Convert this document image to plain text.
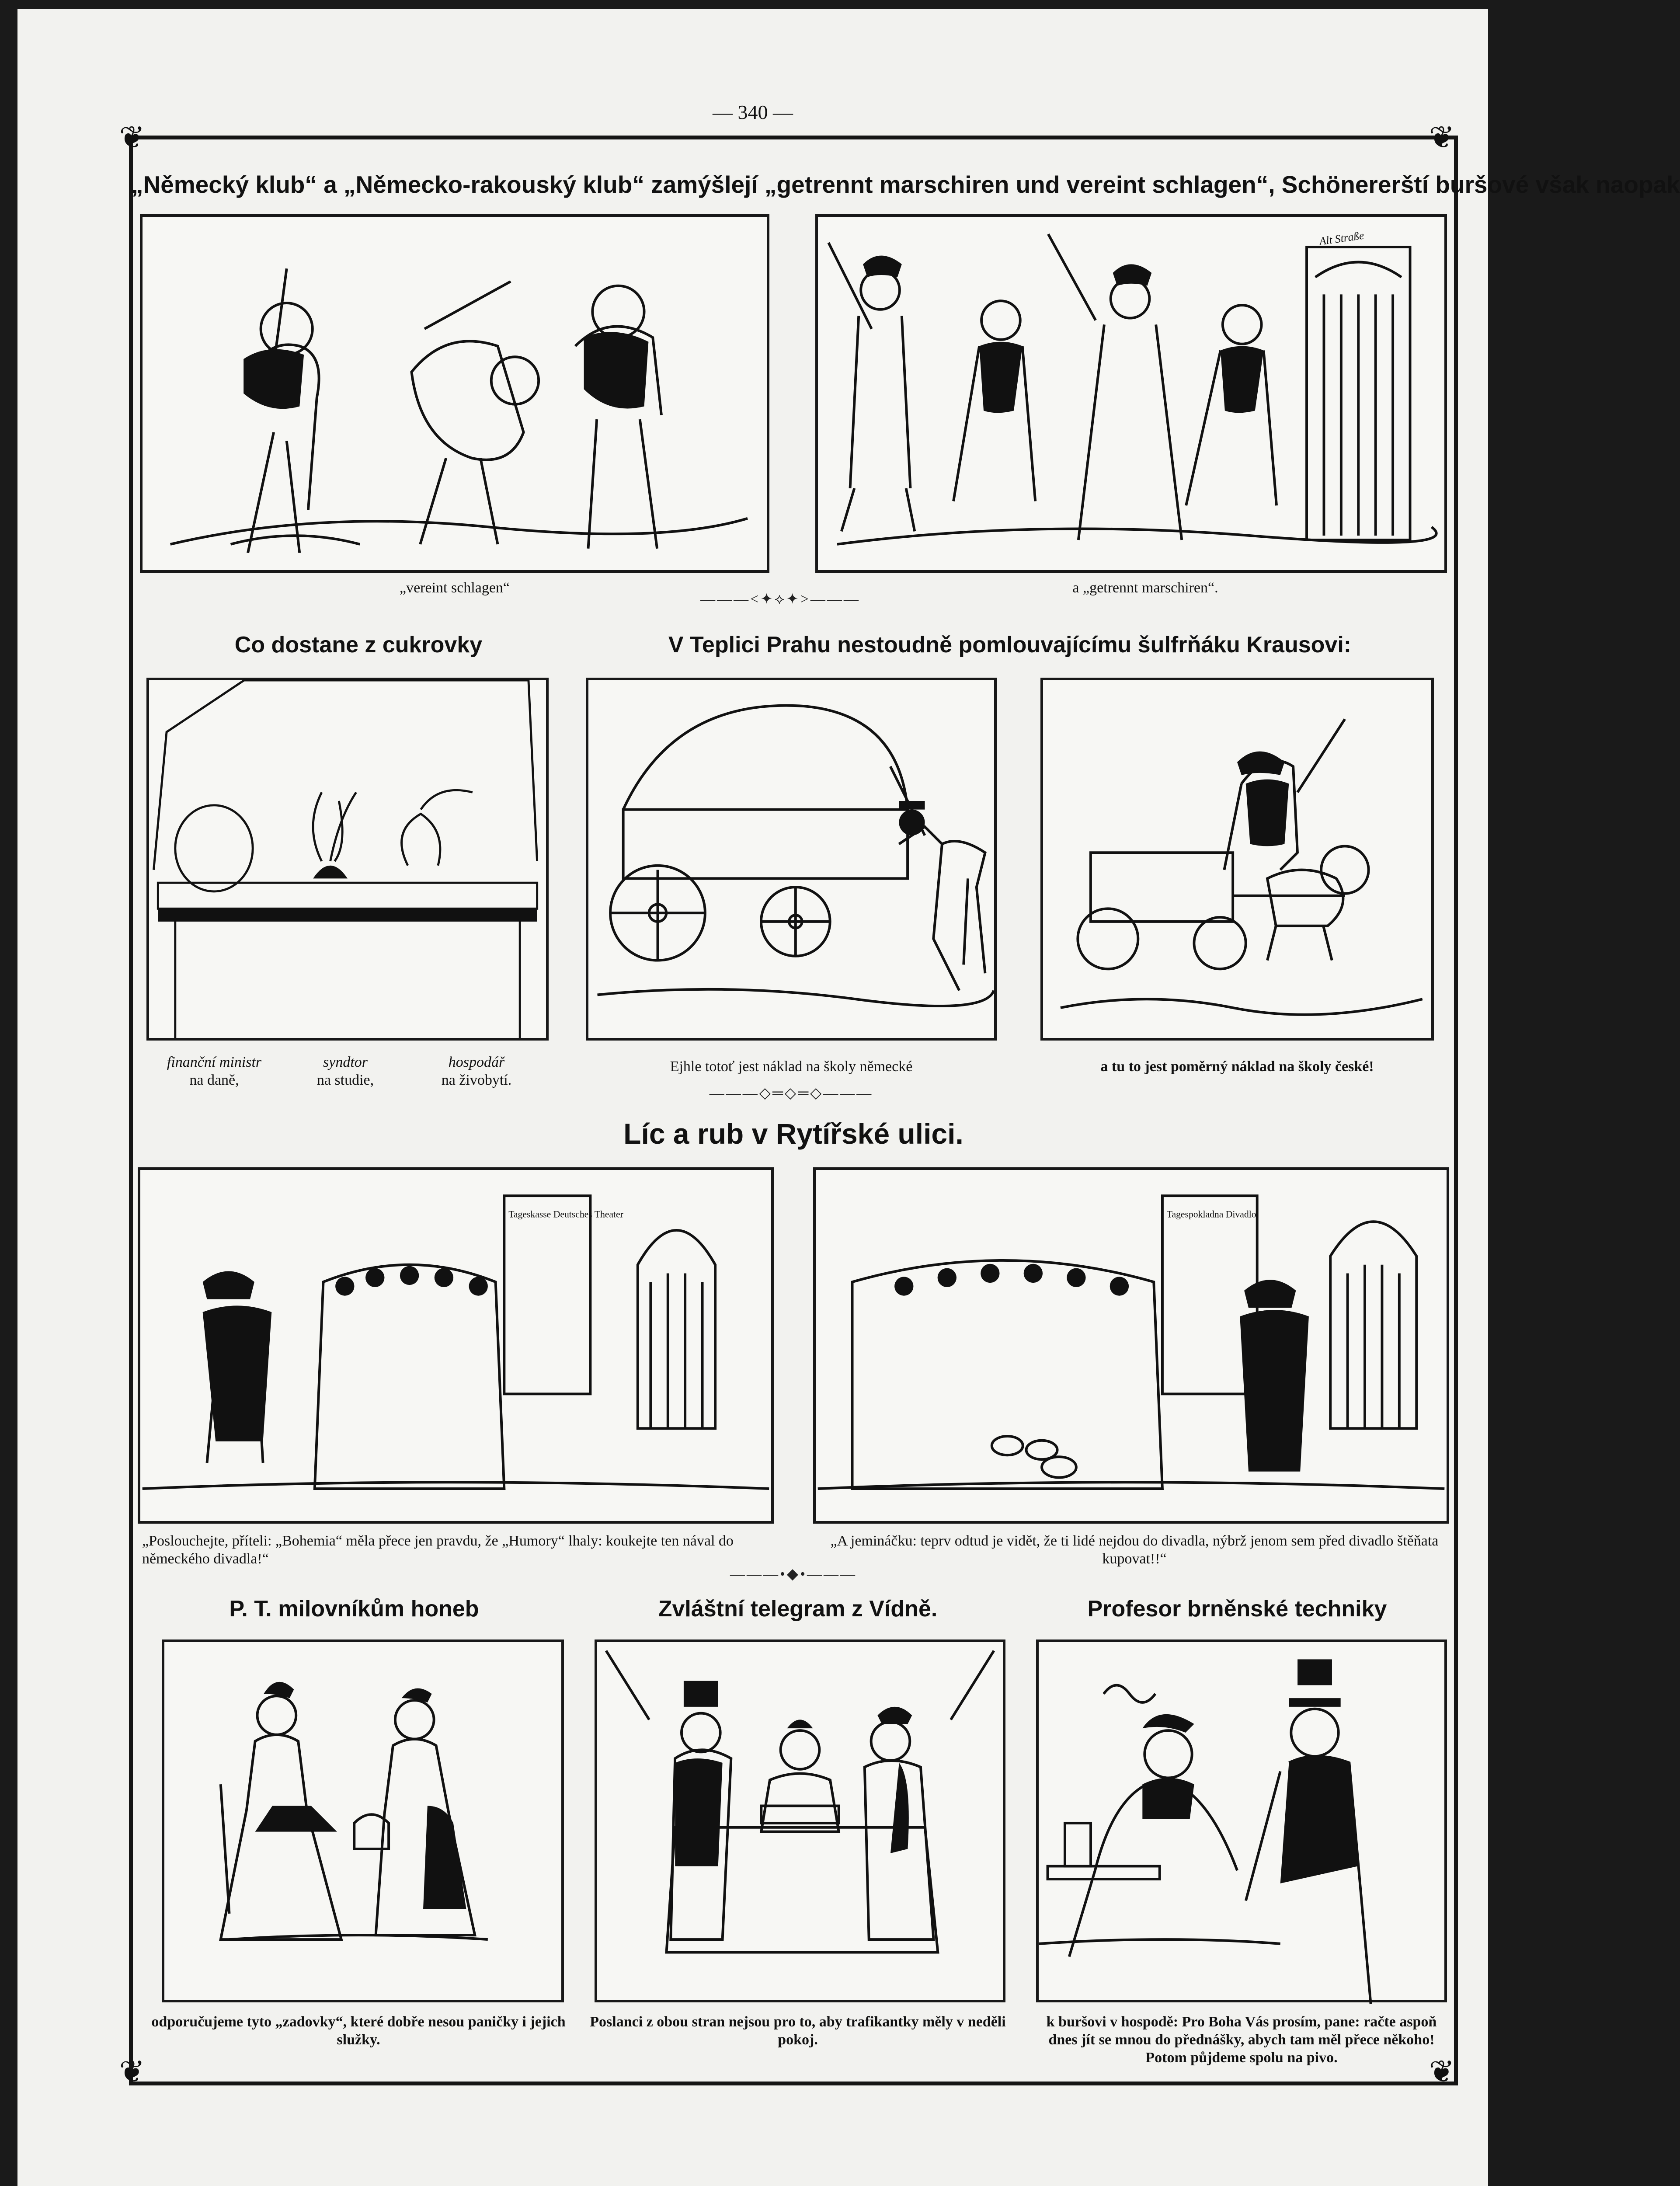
— 340 —
❦	❦
❦	❦
„Německý klub“ a „Německo-rakouský klub“ zamýšlejí „getrennt marschiren und vereint schlagen“, Schönererští buršové však naopak
Alt Straße
„vereint schlagen“	a „getrennt marschiren“.
———<✦⟡✦>———
Co dostane z cukrovky	V Teplici Prahu nestoudně pomlouvajícímu šulfrňáku Krausovi:
finanční ministr
na daně,
syndtor
na studie,
hospodář
na živobytí.
Ejhle totoť jest náklad na školy německé	a tu to jest poměrný náklad na školy české!
———◇═◇═◇———
Líc a rub v Rytířské ulici.
Tageskasse Deutsches Theater	Tagespokladna Divadlo
„Poslouchejte, příteli: „Bohemia“ měla přece jen pravdu, že „Humory“ lhaly: koukejte ten nával do německého divadla!“
„A jemináčku: teprv odtud je vidět, že ti lidé nejdou do divadla, nýbrž jenom sem před divadlo štěňata kupovat!!“
———•◆•———
P. T. milovníkům honeb	Zvláštní telegram z Vídně.	Profesor brněnské techniky
odporučujeme tyto „zadovky“, které dobře nesou paničky i jejich služky.
Poslanci z obou stran nejsou pro to, aby trafikantky měly v neděli pokoj.
k buršovi v hospodě: Pro Boha Vás prosím, pane: račte aspoň dnes jít se mnou do přednášky, abych tam měl přece někoho! Potom půjdeme spolu na pivo.
